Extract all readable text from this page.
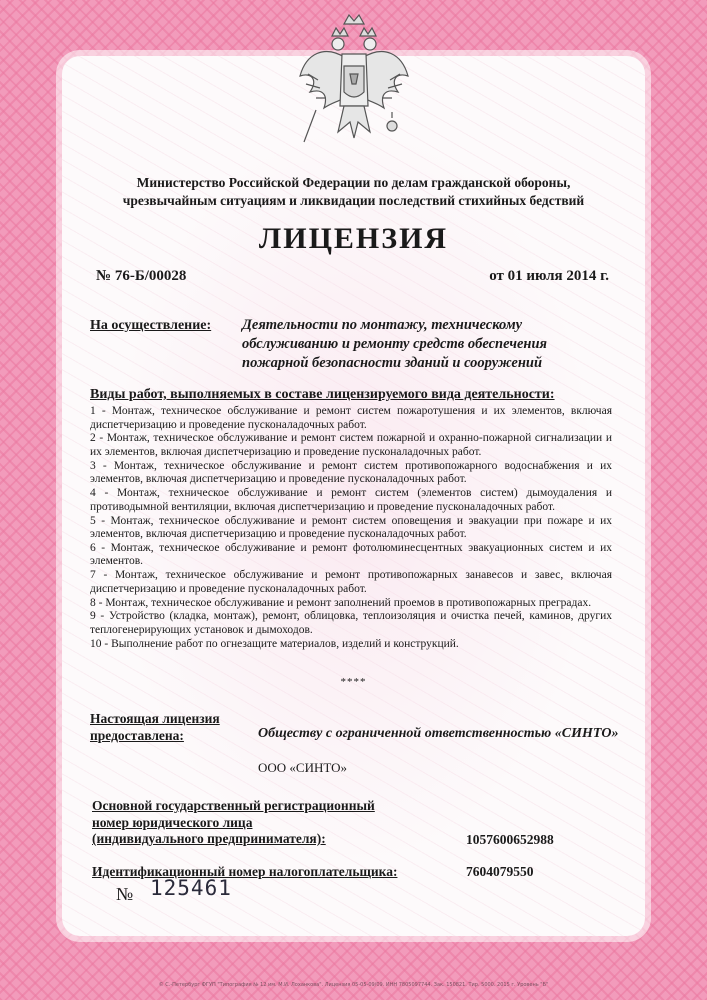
Министерство Российской Федерации по делам гражданской обороны,
чрезвычайным ситуациям и ликвидации последствий стихийных бедствий
ЛИЦЕНЗИЯ
№ 76-Б/00028	от 01 июля 2014 г.
На осуществление: Деятельности по монтажу, техническому обслуживанию и ремонту средств обеспечения пожарной безопасности зданий и сооружений
Виды работ, выполняемых в составе лицензируемого вида деятельности:

1 - Монтаж, техническое обслуживание и ремонт систем пожаротушения и их элементов, включая диспетчеризацию и проведение пусконаладочных работ.

2 - Монтаж, техническое обслуживание и ремонт систем пожарной и охранно-пожарной сигнализации и их элементов, включая диспетчеризацию и проведение пусконаладочных работ.

3 - Монтаж, техническое обслуживание и ремонт систем противопожарного водоснабжения и их элементов, включая диспетчеризацию и проведение пусконаладочных работ.

4 - Монтаж, техническое обслуживание и ремонт систем (элементов систем) дымоудаления и противодымной вентиляции, включая диспетчеризацию и проведение пусконаладочных работ.

5 - Монтаж, техническое обслуживание и ремонт систем оповещения и эвакуации при пожаре и их элементов, включая диспетчеризацию и проведение пусконаладочных работ.

6 - Монтаж, техническое обслуживание и ремонт фотолюминесцентных эвакуационных систем и их элементов.

7 - Монтаж, техническое обслуживание и ремонт противопожарных занавесов и завес, включая диспетчеризацию и проведение пусконаладочных работ.

8 - Монтаж, техническое обслуживание и ремонт заполнений проемов в противопожарных преградах.

9 - Устройство (кладка, монтаж), ремонт, облицовка, теплоизоляция и очистка печей, каминов, других теплогенерирующих установок и дымоходов.

10 - Выполнение работ по огнезащите материалов, изделий и конструкций.

****
Настоящая лицензия
предоставлена:	Обществу с ограниченной ответственностью «СИНТО»
ООО «СИНТО»
Основной государственный регистрационный
номер юридического лица
(индивидуального предпринимателя):	1057600652988
Идентификационный номер налогоплательщика:	7604079550
№ 125461
© С.-Петербург ФГУП "Типография № 12 им. М.И. Лоханкова". Лицензия 05-05-09/09. ИНН 7805097744. Зак. 150821. Тир. 5000. 2015 г. Уровень "Б"
